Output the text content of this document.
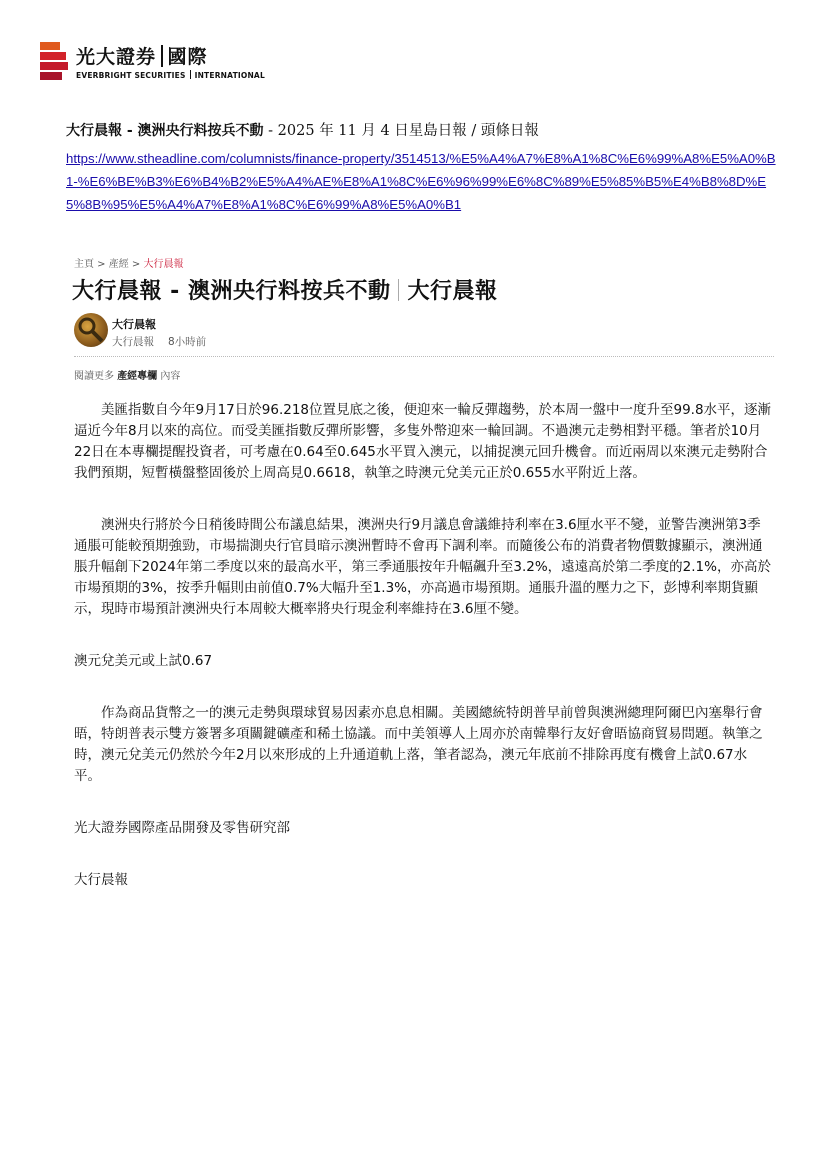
光大證券 國際
EVERBRIGHT SECURITIES INTERNATIONAL
大行晨報 - 澳洲央行料按兵不動 - 2025 年 11 月 4 日星島日報 / 頭條日報
https://www.stheadline.com/columnists/finance-property/3514513/%E5%A4%A7%E8%A1%8C%E6%99%A8%E5%A0%B1-%E6%BE%B3%E6%B4%B2%E5%A4%AE%E8%A1%8C%E6%96%99%E6%8C%89%E5%85%B5%E4%B8%8D%E5%8B%95%E5%A4%A7%E8%A1%8C%E6%99%A8%E5%A0%B1
主頁 > 產經 > 大行晨報
大行晨報 - 澳洲央行料按兵不動 大行晨報
大行晨報
大行晨報 8小時前
閱讀更多 產經專欄 內容

美匯指數自今年9月17日於96.218位置見底之後，便迎來一輪反彈趨勢，於本周一盤中一度升至99.8水平，逐漸逼近今年8月以來的高位。而受美匯指數反彈所影響，多隻外幣迎來一輪回調。不過澳元走勢相對平穩。筆者於10月22日在本專欄提醒投資者，可考慮在0.64至0.645水平買入澳元，以捕捉澳元回升機會。而近兩周以來澳元走勢附合我們預期，短暫橫盤整固後於上周高見0.6618，執筆之時澳元兌美元正於0.655水平附近上落。

澳洲央行將於今日稍後時間公布議息結果，澳洲央行9月議息會議維持利率在3.6厘水平不變，並警告澳洲第3季通脹可能較預期強勁，市場揣測央行官員暗示澳洲暫時不會再下調利率。而隨後公布的消費者物價數據顯示，澳洲通脹升幅創下2024年第二季度以來的最高水平，第三季通脹按年升幅飆升至3.2%，遠遠高於第二季度的2.1%，亦高於市場預期的3%，按季升幅則由前值0.7%大幅升至1.3%，亦高過市場預期。通脹升溫的壓力之下，彭博利率期貨顯示，現時市場預計澳洲央行本周較大概率將央行現金利率維持在3.6厘不變。

澳元兌美元或上試0.67

作為商品貨幣之一的澳元走勢與環球貿易因素亦息息相關。美國總統特朗普早前曾與澳洲總理阿爾巴內塞舉行會晤，特朗普表示雙方簽署多項關鍵礦產和稀土協議。而中美領導人上周亦於南韓舉行友好會晤協商貿易問題。執筆之時，澳元兌美元仍然於今年2月以來形成的上升通道軌上落，筆者認為，澳元年底前不排除再度有機會上試0.67水平。

光大證券國際產品開發及零售研究部

大行晨報
